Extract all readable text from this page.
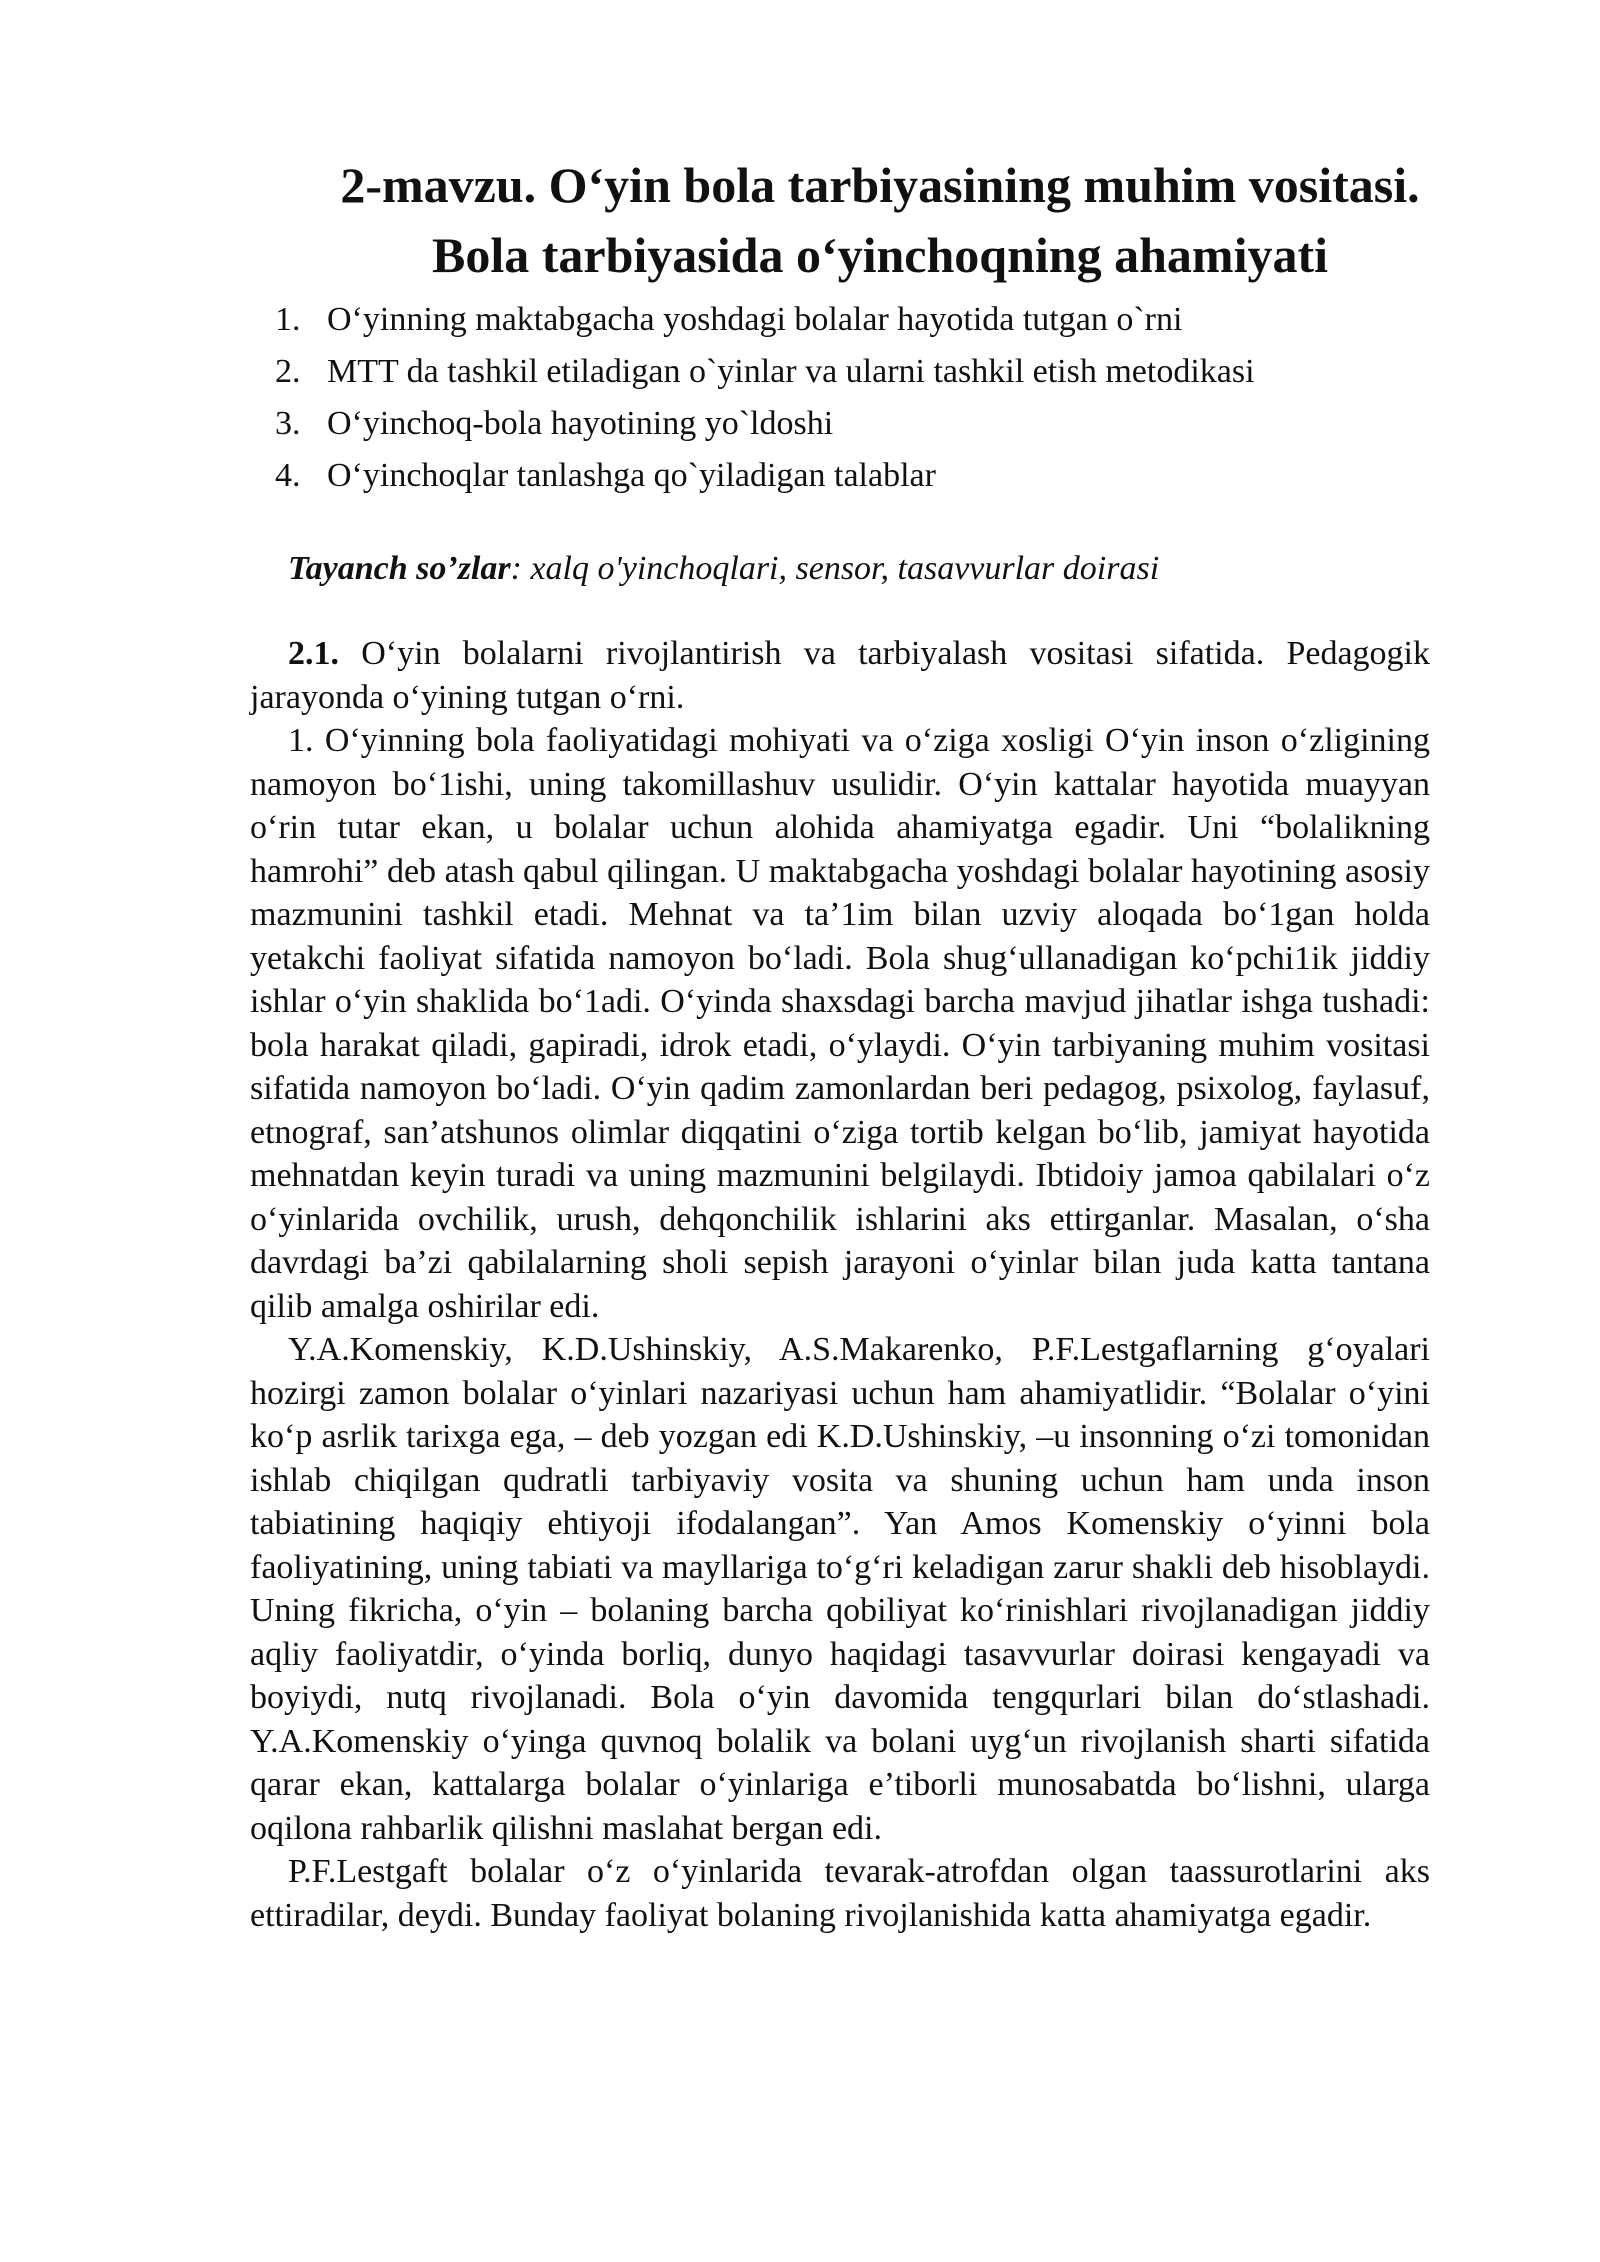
2-mavzu. O‘yin bola tarbiyasining muhim vositasi.
Bola tarbiyasida o‘yinchoqning ahamiyati
1. O‘yinning maktabgacha yoshdagi bolalar hayotida tutgan o`rni
2. MTT da tashkil etiladigan o`yinlar va ularni tashkil etish metodikasi
3. O‘yinchoq-bola hayotining yo`ldoshi
4. O‘yinchoqlar tanlashga qo`yiladigan talablar

Tayanch so’zlar: xalq o'yinchoqlari, sensor, tasavvurlar doirasi

2.1. O‘yin bolalarni rivojlantirish va tarbiyalash vositasi sifatida. Pedagogik jarayonda o‘yining tutgan o‘rni.

1. O‘yinning bola faoliyatidagi mohiyati va o‘ziga xosligi O‘yin inson o‘zligining namoyon bo‘1ishi, uning takomillashuv usulidir. O‘yin kattalar hayotida muayyan o‘rin tutar ekan, u bolalar uchun alohida ahamiyatga egadir. Uni “bolalikning hamrohi” deb atash qabul qilingan. U maktabgacha yoshdagi bolalar hayotining asosiy mazmunini tashkil etadi. Mehnat va ta’1im bilan uzviy aloqada bo‘1gan holda yetakchi faoliyat sifatida namoyon bo‘ladi. Bola shug‘ullanadigan ko‘pchi1ik jiddiy ishlar o‘yin shaklida bo‘1adi. O‘yinda shaxsdagi barcha mavjud jihatlar ishga tushadi: bola harakat qiladi, gapiradi, idrok etadi, o‘ylaydi. O‘yin tarbiyaning muhim vositasi sifatida namoyon bo‘ladi. O‘yin qadim zamonlardan beri pedagog, psixolog, faylasuf, etnograf, san’atshunos olimlar diqqatini o‘ziga tortib kelgan bo‘lib, jamiyat hayotida mehnatdan keyin turadi va uning mazmunini belgilaydi. Ibtidoiy jamoa qabilalari o‘z o‘yinlarida ovchilik, urush, dehqonchilik ishlarini aks ettirganlar. Masalan, o‘sha davrdagi ba’zi qabilalarning sholi sepish jarayoni o‘yinlar bilan juda katta tantana qilib amalga oshirilar edi.

Y.A.Komenskiy, K.D.Ushinskiy, A.S.Makarenko, P.F.Lestgaflarning g‘oyalari hozirgi zamon bolalar o‘yinlari nazariyasi uchun ham ahamiyatlidir. “Bolalar o‘yini ko‘p asrlik tarixga ega, – deb yozgan edi K.D.Ushinskiy, –u insonning o‘zi tomonidan ishlab chiqilgan qudratli tarbiyaviy vosita va shuning uchun ham unda inson tabiatining haqiqiy ehtiyoji ifodalangan”. Yan Amos Komenskiy o‘yinni bola faoliyatining, uning tabiati va mayllariga to‘g‘ri keladigan zarur shakli deb hisoblaydi. Uning fikricha, o‘yin – bolaning barcha qobiliyat ko‘rinishlari rivojlanadigan jiddiy aqliy faoliyatdir, o‘yinda borliq, dunyo haqidagi tasavvurlar doirasi kengayadi va boyiydi, nutq rivojlanadi. Bola o‘yin davomida tengqurlari bilan do‘stlashadi. Y.A.Komenskiy o‘yinga quvnoq bolalik va bolani uyg‘un rivojlanish sharti sifatida qarar ekan, kattalarga bolalar o‘yinlariga e’tiborli munosabatda bo‘lishni, ularga oqilona rahbarlik qilishni maslahat bergan edi.

P.F.Lestgaft bolalar o‘z o‘yinlarida tevarak-atrofdan olgan taassurotlarini aks ettiradilar, deydi. Bunday faoliyat bolaning rivojlanishida katta ahamiyatga egadir.
